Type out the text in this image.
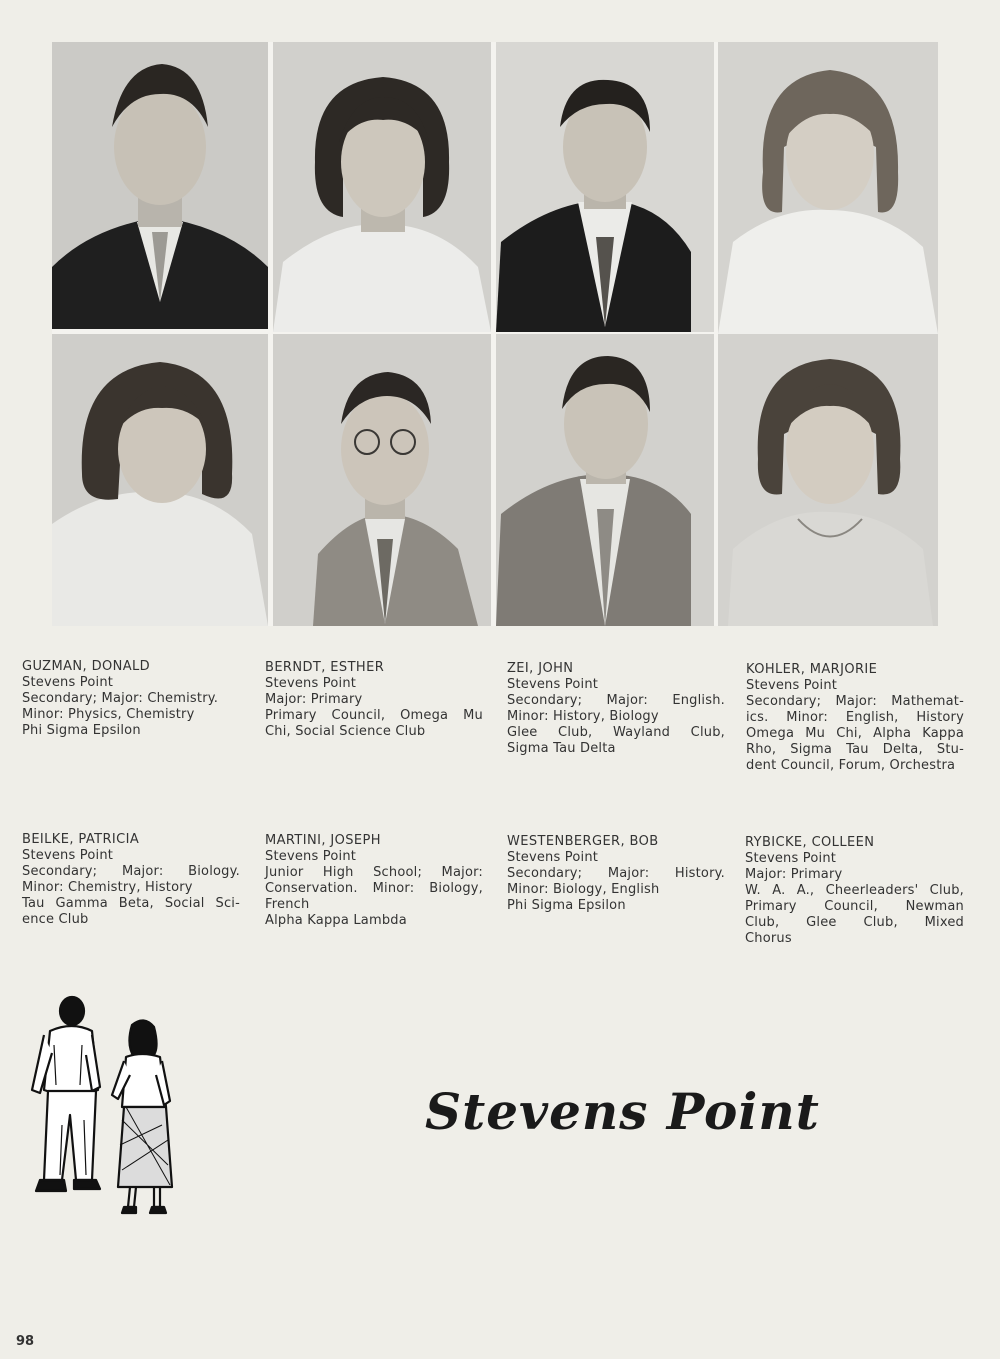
GUZMAN, DONALD
Stevens Point
Secondary; Major: Chemistry.
Minor: Physics, Chemistry
Phi Sigma Epsilon
BERNDT, ESTHER
Stevens Point
Major: Primary
Primary Council, Omega Mu
Chi, Social Science Club
ZEI, JOHN
Stevens Point
Secondary; Major: English.
Minor: History, Biology
Glee Club, Wayland Club,
Sigma Tau Delta
KOHLER, MARJORIE
Stevens Point
Secondary; Major: Mathemat-
ics. Minor: English, History
Omega Mu Chi, Alpha Kappa
Rho, Sigma Tau Delta, Stu-
dent Council, Forum, Orchestra
BEILKE, PATRICIA
Stevens Point
Secondary; Major: Biology.
Minor: Chemistry, History
Tau Gamma Beta, Social Sci-
ence Club
MARTINI, JOSEPH
Stevens Point
Junior High School; Major:
Conservation. Minor: Biology,
French
Alpha Kappa Lambda
WESTENBERGER, BOB
Stevens Point
Secondary; Major: History.
Minor: Biology, English
Phi Sigma Epsilon
RYBICKE, COLLEEN
Stevens Point
Major: Primary
W. A. A., Cheerleaders' Club,
Primary Council, Newman
Club, Glee Club, Mixed
Chorus
Stevens Point
98
